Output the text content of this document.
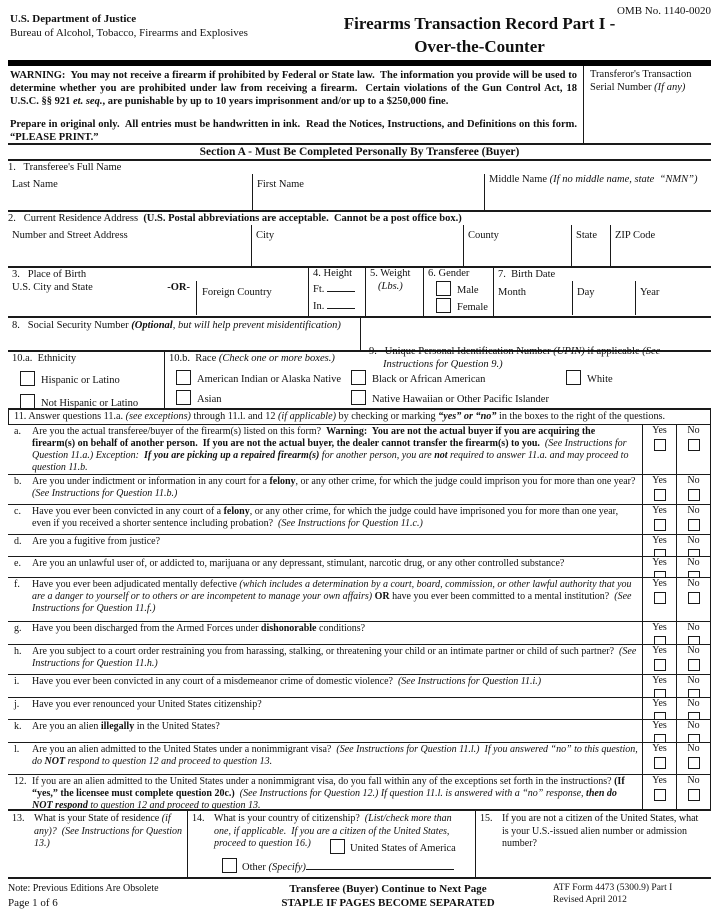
OMB No. 1140-0020
U.S. Department of Justice
Bureau of Alcohol, Tobacco, Firearms and Explosives	Firearms Transaction Record Part I -
Over-the-Counter
WARNING:  You may not receive a firearm if prohibited by Federal or State law.  The information you provide will be used to determine whether you are prohibited under law from receiving a firearm.  Certain violations of the Gun Control Act, 18 U.S.C. §§ 921 et. seq., are punishable by up to 10 years imprisonment and/or up to a $250,000 fine.
Prepare in original only.  All entries must be handwritten in ink.  Read the Notices, Instructions, and Definitions on this form.  “PLEASE PRINT.”
Transferor's Transaction Serial Number (If any)
Section A - Must Be Completed Personally By Transferee (Buyer)
1.   Transferee's Full Name
Last Name	First Name	Middle Name (If no middle name, state  “NMN”)
2.   Current Residence Address  (U.S. Postal abbreviations are acceptable.  Cannot be a post office box.)
Number and Street Address	City	County	State	ZIP Code
3.   Place of Birth
U.S. City and State	-OR-	Foreign Country
4. Height
Ft.
In.
5. Weight
(Lbs.)
6. Gender
Male
Female
7.  Birth Date
Month	Day	Year
8.   Social Security Number (Optional, but will help prevent misidentification)

9.   Unique Personal Identification Number (UPIN) if applicable (See Instructions for Question 9.)

10.a.  Ethnicity
Hispanic or Latino
Not Hispanic or Latino
10.b.  Race (Check one or more boxes.)
American Indian or Alaska Native	Black or African American	White
Asian	Native Hawaiian or Other Pacific Islander
11. Answer questions 11.a. (see exceptions) through 11.l. and 12 (if applicable) by checking or marking “yes” or “no” in the boxes to the right of the questions.
a. Are you the actual transferee/buyer of the firearm(s) listed on this form?  Warning:  You are not the actual buyer if you are acquiring the firearm(s) on behalf of another person.  If you are not the actual buyer, the dealer cannot transfer the firearm(s) to you.  (See Instructions for Question 11.a.) Exception:  If you are picking up a repaired firearm(s) for another person, you are not required to answer 11.a. and may proceed to question 11.b.
Yes	No
b. Are you under indictment or information in any court for a felony, or any other crime, for which the judge could imprison you for more than one year?  (See Instructions for Question 11.b.)
Yes	No
c. Have you ever been convicted in any court of a felony, or any other crime, for which the judge could have imprisoned you for more than one year, even if you received a shorter sentence including probation?  (See Instructions for Question 11.c.)
Yes	No
d. Are you a fugitive from justice?	Yes	No
e. Are you an unlawful user of, or addicted to, marijuana or any depressant, stimulant, narcotic drug, or any other controlled substance?	Yes	No
f. Have you ever been adjudicated mentally defective (which includes a determination by a court, board, commission, or other lawful authority that you are a danger to yourself or to others or are incompetent to manage your own affairs) OR have you ever been committed to a mental institution?  (See Instructions for Question 11.f.)
Yes	No
g. Have you been discharged from the Armed Forces under dishonorable conditions?	Yes	No
h. Are you subject to a court order restraining you from harassing, stalking, or threatening your child or an intimate partner or child of such partner?  (See Instructions for Question 11.h.)
Yes	No
i. Have you ever been convicted in any court of a misdemeanor crime of domestic violence?  (See Instructions for Question 11.i.)	Yes	No
j. Have you ever renounced your United States citizenship?	Yes	No
k. Are you an alien illegally in the United States?	Yes	No
l. Are you an alien admitted to the United States under a nonimmigrant visa?  (See Instructions for Question 11.l.)  If you answered “no” to this question, do NOT respond to question 12 and proceed to question 13.
Yes	No
12. If you are an alien admitted to the United States under a nonimmigrant visa, do you fall within any of the exceptions set forth in the instructions? (If “yes,” the licensee must complete question 20c.)  (See Instructions for Question 12.) If question 11.l. is answered with a “no” response, then do NOT respond to question 12 and proceed to question 13.
Yes	No
13. What is your State of residence (if any)?  (See Instructions for Question 13.)
14. What is your country of citizenship?  (List/check more than one, if applicable.  If you are a citizen of the United States, proceed to question 16.)	United States of America
Other (Specify)
15. If you are not a citizen of the United States, what is your U.S.-issued alien number or admission number?
Note: Previous Editions Are Obsolete
Page 1 of 6
Transferee (Buyer) Continue to Next Page
STAPLE IF PAGES BECOME SEPARATED
ATF Form 4473 (5300.9) Part I
Revised April 2012
